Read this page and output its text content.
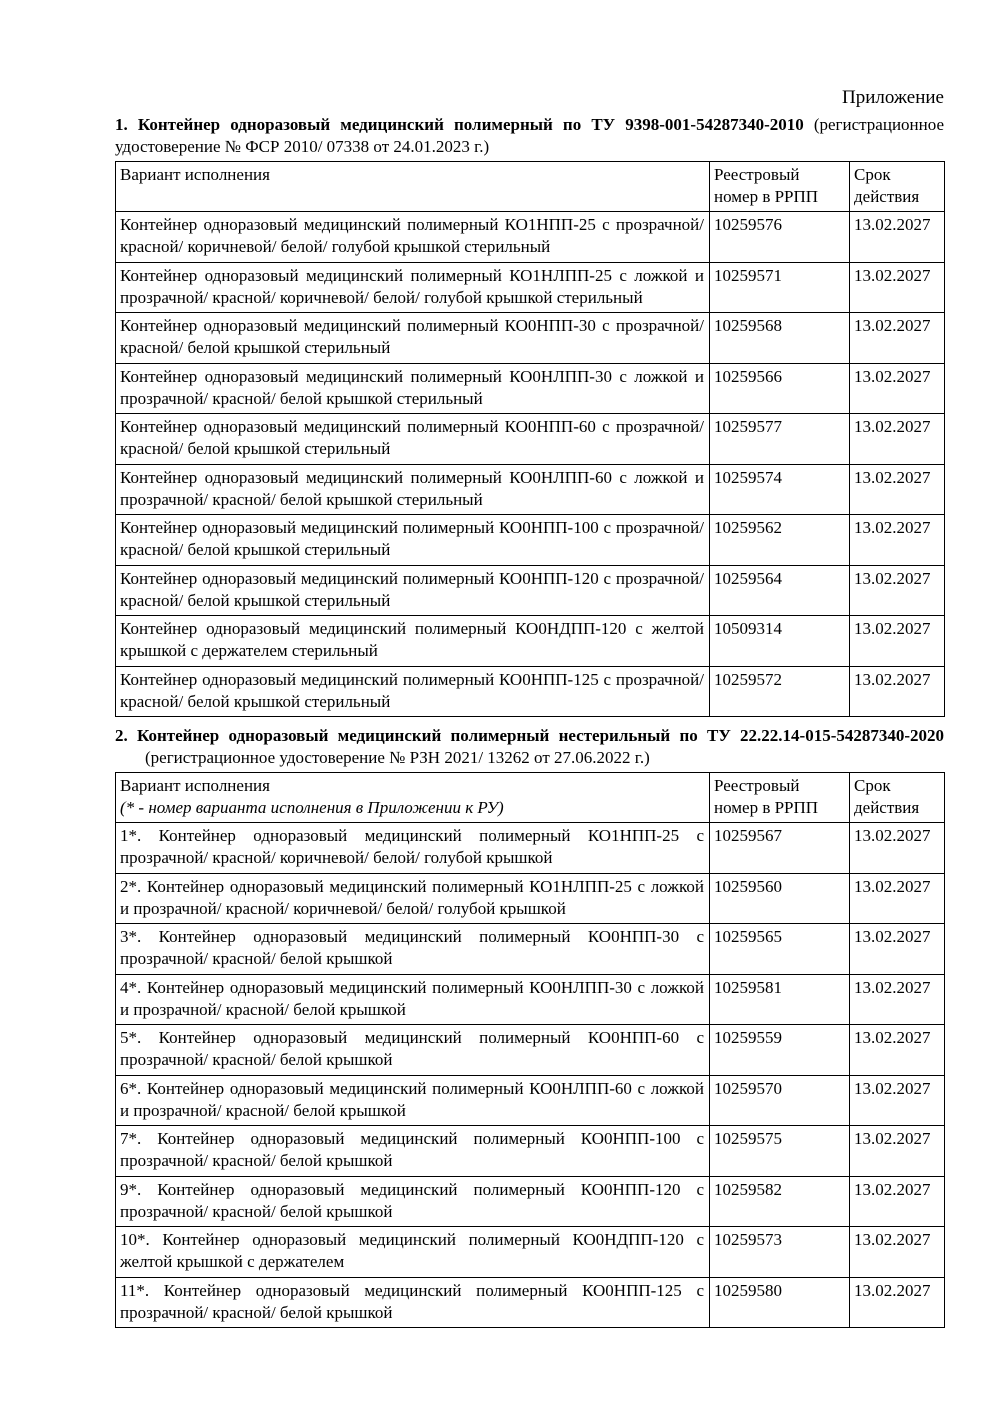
Приложение

1. Контейнер одноразовый медицинский полимерный по ТУ 9398-001-54287340-2010 (регистрационное удостоверение № ФСР 2010/ 07338 от 24.01.2023 г.)

Вариант исполнения	Реестровый номер в РРПП	Срок действия
Контейнер одноразовый медицинский полимерный КО1НПП-25 с прозрачной/ красной/ коричневой/ белой/ голубой крышкой стерильный	10259576	13.02.2027
Контейнер одноразовый медицинский полимерный КО1НЛПП-25 с ложкой и прозрачной/ красной/ коричневой/ белой/ голубой крышкой стерильный	10259571	13.02.2027
Контейнер одноразовый медицинский полимерный КО0НПП-30 с прозрачной/ красной/ белой крышкой стерильный	10259568	13.02.2027
Контейнер одноразовый медицинский полимерный КО0НЛПП-30 с ложкой и прозрачной/ красной/ белой крышкой стерильный	10259566	13.02.2027
Контейнер одноразовый медицинский полимерный КО0НПП-60 с прозрачной/ красной/ белой крышкой стерильный	10259577	13.02.2027
Контейнер одноразовый медицинский полимерный КО0НЛПП-60 с ложкой и прозрачной/ красной/ белой крышкой стерильный	10259574	13.02.2027
Контейнер одноразовый медицинский полимерный КО0НПП-100 с прозрачной/ красной/ белой крышкой стерильный	10259562	13.02.2027
Контейнер одноразовый медицинский полимерный КО0НПП-120 с прозрачной/ красной/ белой крышкой стерильный	10259564	13.02.2027
Контейнер одноразовый медицинский полимерный КО0НДПП-120 с желтой крышкой с держателем стерильный	10509314	13.02.2027
Контейнер одноразовый медицинский полимерный КО0НПП-125 с прозрачной/ красной/ белой крышкой стерильный	10259572	13.02.2027

2. Контейнер одноразовый медицинский полимерный нестерильный по ТУ 22.22.14-015-54287340-2020 (регистрационное удостоверение № РЗН 2021/ 13262 от 27.06.2022 г.)

Вариант исполнения
(* - номер варианта исполнения в Приложении к РУ)	Реестровый номер в РРПП	Срок действия
1*. Контейнер одноразовый медицинский полимерный КО1НПП-25 с прозрачной/ красной/ коричневой/ белой/ голубой крышкой	10259567	13.02.2027
2*. Контейнер одноразовый медицинский полимерный КО1НЛПП-25 с ложкой и прозрачной/ красной/ коричневой/ белой/ голубой крышкой	10259560	13.02.2027
3*. Контейнер одноразовый медицинский полимерный КО0НПП-30 с прозрачной/ красной/ белой крышкой	10259565	13.02.2027
4*. Контейнер одноразовый медицинский полимерный КО0НЛПП-30 с ложкой и прозрачной/ красной/ белой крышкой	10259581	13.02.2027
5*. Контейнер одноразовый медицинский полимерный КО0НПП-60 с прозрачной/ красной/ белой крышкой	10259559	13.02.2027
6*. Контейнер одноразовый медицинский полимерный КО0НЛПП-60 с ложкой и прозрачной/ красной/ белой крышкой	10259570	13.02.2027
7*. Контейнер одноразовый медицинский полимерный КО0НПП-100 с прозрачной/ красной/ белой крышкой	10259575	13.02.2027
9*. Контейнер одноразовый медицинский полимерный КО0НПП-120 с прозрачной/ красной/ белой крышкой	10259582	13.02.2027
10*. Контейнер одноразовый медицинский полимерный КО0НДПП-120 с желтой крышкой с держателем	10259573	13.02.2027
11*. Контейнер одноразовый медицинский полимерный КО0НПП-125 с прозрачной/ красной/ белой крышкой	10259580	13.02.2027
